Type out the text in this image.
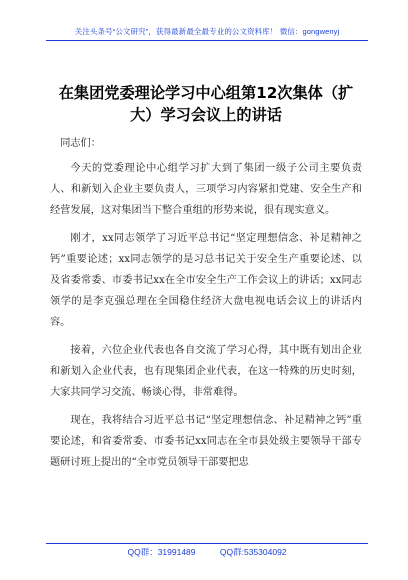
关注头条号“公文研究”，获得最新最全最专业的公文资料库！ 微信：gongwenyj
在集团党委理论学习中心组第12次集体（扩
大）学习会议上的讲话

同志们：

今天的党委理论中心组学习扩大到了集团一级子公司主要负责人、和新划入企业主要负责人，三项学习内容紧扣党建、安全生产和经营发展，这对集团当下整合重组的形势来说，很有现实意义。

刚才，xx同志领学了习近平总书记“坚定理想信念、补足精神之钙”重要论述；xx同志领学的是习总书记关于安全生产重要论述、以及省委常委、市委书记xx在全市安全生产工作会议上的讲话；xx同志领学的是李克强总理在全国稳住经济大盘电视电话会议上的讲话内容。

接着，六位企业代表也各自交流了学习心得，其中既有划出企业和新划入企业代表，也有现集团企业代表，在这一特殊的历史时刻，大家共同学习交流、畅谈心得，非常难得。

现在，我将结合习近平总书记“坚定理想信念、补足精神之钙”重要论述，和省委常委、市委书记xx同志在全市县处级主要领导干部专题研讨班上提出的“全市党员领导干部要把忠

QQ群：31991489	QQ群:535304092
